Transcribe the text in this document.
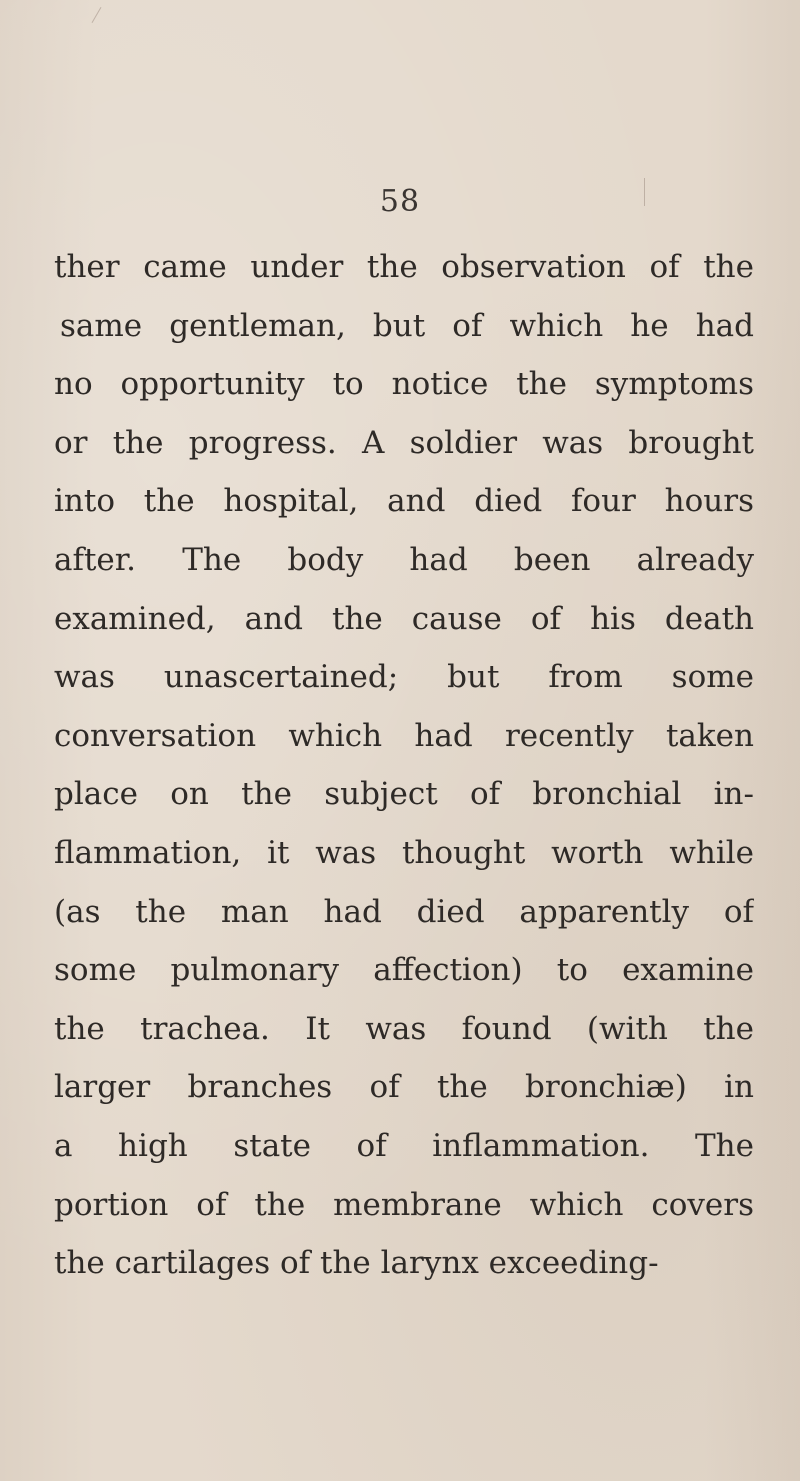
58
ther came under the observation of the
same gentleman, but of which he had
no opportunity to notice the symptoms
or the progress. A soldier was brought
into the hospital, and died four hours
after. The body had been already
examined, and the cause of his death
was unascertained; but from some
conversation which had recently taken
place on the subject of bronchial in-
flammation, it was thought worth while
(as the man had died apparently of
some pulmonary affection) to examine
the trachea. It was found (with the
larger branches of the bronchiæ) in
a high state of inflammation. The
portion of the membrane which covers
the cartilages of the larynx exceeding-
